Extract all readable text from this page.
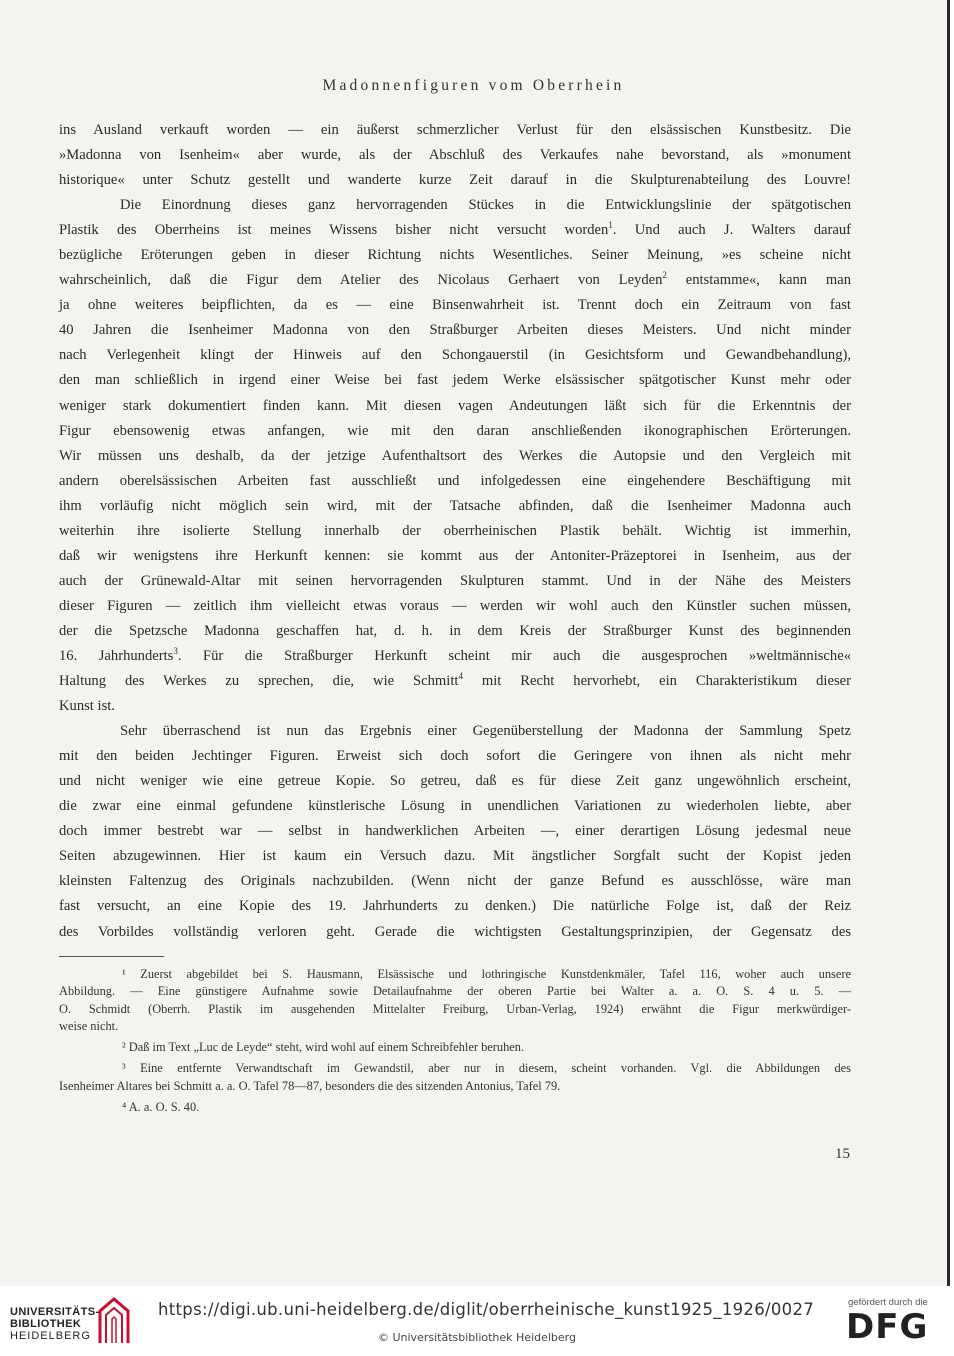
Madonnenfiguren vom Oberrhein
ins Ausland verkauft worden — ein äußerst schmerzlicher Verlust für den elsässischen Kunstbesitz. Die
»Madonna von Isenheim« aber wurde, als der Abschluß des Verkaufes nahe bevorstand, als »monument
historique« unter Schutz gestellt und wanderte kurze Zeit darauf in die Skulpturenabteilung des Louvre!
Die Einordnung dieses ganz hervorragenden Stückes in die Entwicklungslinie der spätgotischen
Plastik des Oberrheins ist meines Wissens bisher nicht versucht worden$^1$. Und auch J. Walters darauf
bezügliche Eröterungen geben in dieser Richtung nichts Wesentliches. Seiner Meinung, »es scheine nicht
wahrscheinlich, daß die Figur dem Atelier des Nicolaus Gerhaert von Leyden$^2$ entstamme«, kann man
ja ohne weiteres beipflichten, da es — eine Binsenwahrheit ist. Trennt doch ein Zeitraum von fast
40 Jahren die Isenheimer Madonna von den Straßburger Arbeiten dieses Meisters. Und nicht minder
nach Verlegenheit klingt der Hinweis auf den Schongauerstil (in Gesichtsform und Gewandbehandlung),
den man schließlich in irgend einer Weise bei fast jedem Werke elsässischer spätgotischer Kunst mehr oder
weniger stark dokumentiert finden kann. Mit diesen vagen Andeutungen läßt sich für die Erkenntnis der
Figur ebensowenig etwas anfangen, wie mit den daran anschließenden ikonographischen Erörterungen.
Wir müssen uns deshalb, da der jetzige Aufenthaltsort des Werkes die Autopsie und den Vergleich mit
andern oberelsässischen Arbeiten fast ausschließt und infolgedessen eine eingehendere Beschäftigung mit
ihm vorläufig nicht möglich sein wird, mit der Tatsache abfinden, daß die Isenheimer Madonna auch
weiterhin ihre isolierte Stellung innerhalb der oberrheinischen Plastik behält. Wichtig ist immerhin,
daß wir wenigstens ihre Herkunft kennen: sie kommt aus der Antoniter-Präzeptorei in Isenheim, aus der
auch der Grünewald-Altar mit seinen hervorragenden Skulpturen stammt. Und in der Nähe des Meisters
dieser Figuren — zeitlich ihm vielleicht etwas voraus — werden wir wohl auch den Künstler suchen müssen,
der die Spetzsche Madonna geschaffen hat, d. h. in dem Kreis der Straßburger Kunst des beginnenden
16. Jahrhunderts$^3$. Für die Straßburger Herkunft scheint mir auch die ausgesprochen »weltmännische«
Haltung des Werkes zu sprechen, die, wie Schmitt$^4$ mit Recht hervorhebt, ein Charakteristikum dieser
Kunst ist.
Sehr überraschend ist nun das Ergebnis einer Gegenüberstellung der Madonna der Sammlung Spetz
mit den beiden Jechtinger Figuren. Erweist sich doch sofort die Geringere von ihnen als nicht mehr
und nicht weniger wie eine getreue Kopie. So getreu, daß es für diese Zeit ganz ungewöhnlich erscheint,
die zwar eine einmal gefundene künstlerische Lösung in unendlichen Variationen zu wiederholen liebte, aber
doch immer bestrebt war — selbst in handwerklichen Arbeiten —, einer derartigen Lösung jedesmal neue
Seiten abzugewinnen. Hier ist kaum ein Versuch dazu. Mit ängstlicher Sorgfalt sucht der Kopist jeden
kleinsten Faltenzug des Originals nachzubilden. (Wenn nicht der ganze Befund es ausschlösse, wäre man
fast versucht, an eine Kopie des 19. Jahrhunderts zu denken.) Die natürliche Folge ist, daß der Reiz
des Vorbildes vollständig verloren geht. Gerade die wichtigsten Gestaltungsprinzipien, der Gegensatz des
¹ Zuerst abgebildet bei S. Hausmann, Elsässische und lothringische Kunstdenkmäler, Tafel 116, woher auch unsere
Abbildung. — Eine günstigere Aufnahme sowie Detailaufnahme der oberen Partie bei Walter a. a. O. S. 4 u. 5. —
O. Schmidt (Oberrh. Plastik im ausgehenden Mittelalter Freiburg, Urban-Verlag, 1924) erwähnt die Figur merkwürdiger-
weise nicht.
² Daß im Text „Luc de Leyde“ steht, wird wohl auf einem Schreibfehler beruhen.
³ Eine entfernte Verwandtschaft im Gewandstil, aber nur in diesem, scheint vorhanden. Vgl. die Abbildungen des
Isenheimer Altares bei Schmitt a. a. O. Tafel 78—87, besonders die des sitzenden Antonius, Tafel 79.
⁴ A. a. O. S. 40.
15
UNIVERSITÄTS-
BIBLIOTHEK
HEIDELBERG
https://digi.ub.uni-heidelberg.de/diglit/oberrheinische_kunst1925_1926/0027
© Universitätsbibliothek Heidelberg
gefördert durch die
DFG
